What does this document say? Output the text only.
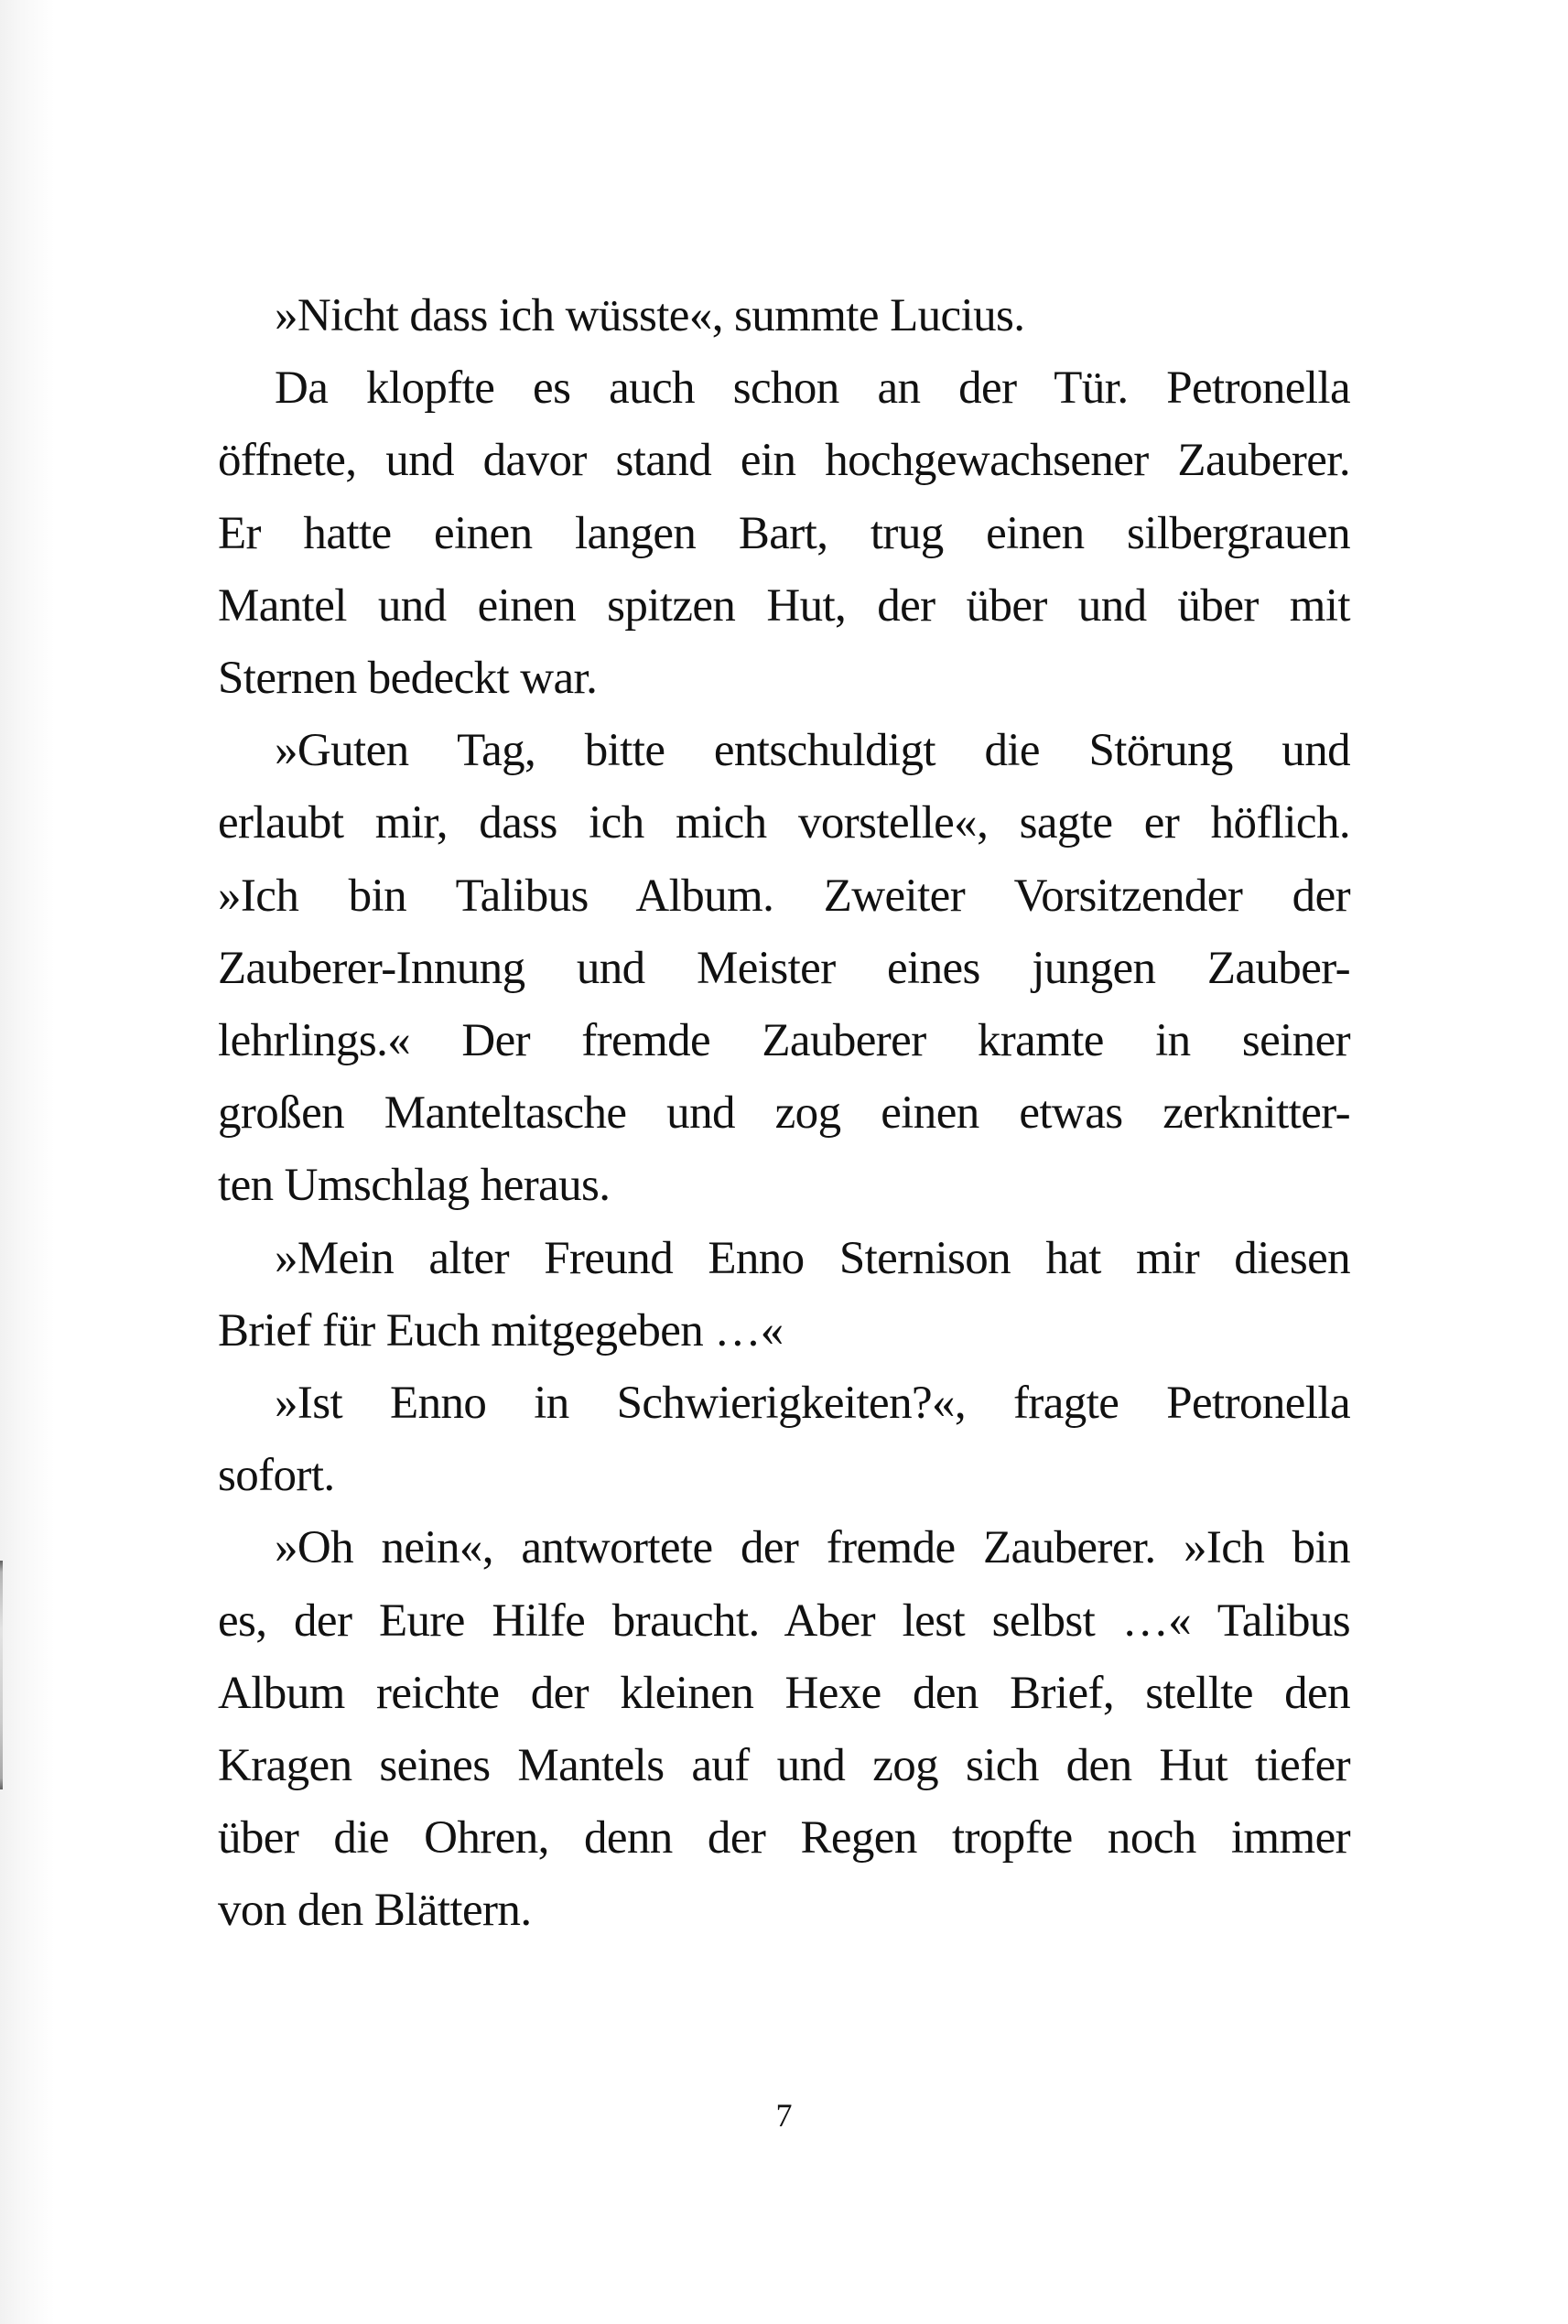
»Nicht dass ich wüsste«, summte Lucius.

Da klopfte es auch schon an der Tür. Petronella
öffnete, und davor stand ein hochgewachsener Zauberer.
Er hatte einen langen Bart, trug einen silbergrauen
Mantel und einen spitzen Hut, der über und über mit
Sternen bedeckt war.

»Guten Tag, bitte entschuldigt die Störung und
erlaubt mir, dass ich mich vorstelle«, sagte er höflich.
»Ich bin Talibus Album. Zweiter Vorsitzender der
Zauberer-Innung und Meister eines jungen Zauber-
lehrlings.« Der fremde Zauberer kramte in seiner
großen Manteltasche und zog einen etwas zerknitter-
ten Umschlag heraus.

»Mein alter Freund Enno Sternison hat mir diesen
Brief für Euch mitgegeben …«

»Ist Enno in Schwierigkeiten?«, fragte Petronella
sofort.

»Oh nein«, antwortete der fremde Zauberer. »Ich bin
es, der Eure Hilfe braucht. Aber lest selbst …« Talibus
Album reichte der kleinen Hexe den Brief, stellte den
Kragen seines Mantels auf und zog sich den Hut tiefer
über die Ohren, denn der Regen tropfte noch immer
von den Blättern.

7
